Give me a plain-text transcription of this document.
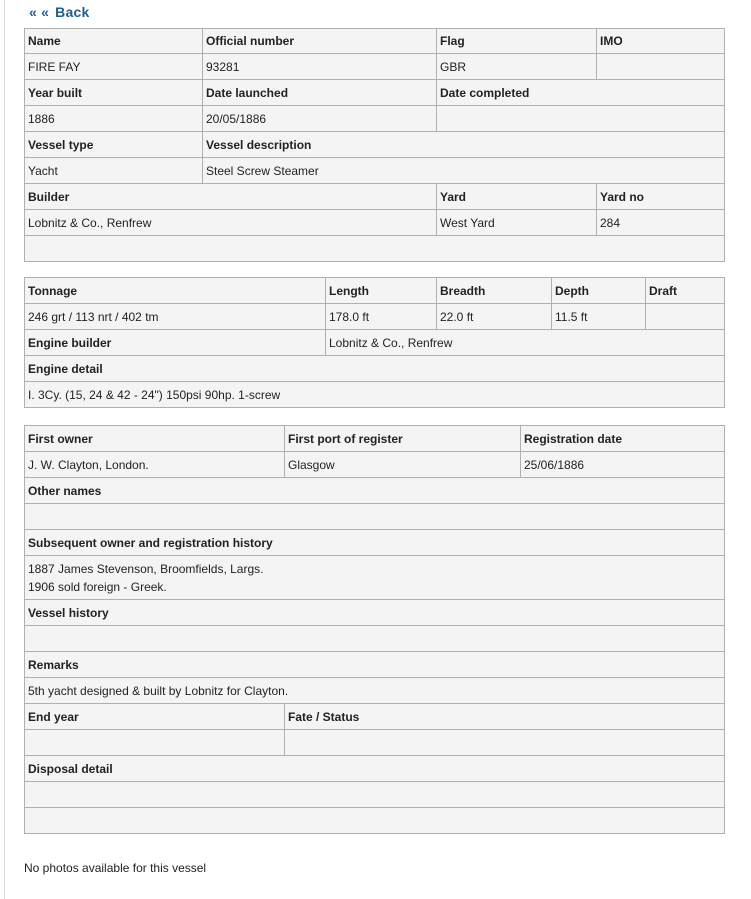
« « Back
Name	Official number	Flag	IMO
FIRE FAY	93281	GBR	
Year built	Date launched	Date completed	
1886	20/05/1886		
Vessel type	Vessel description		
Yacht	Steel Screw Steamer		
Builder		Yard	Yard no
Lobnitz & Co., Renfrew		West Yard	284

Tonnage	Length	Breadth	Depth	Draft
246 grt / 113 nrt / 402 tm	178.0 ft	22.0 ft	11.5 ft	
Engine builder	Lobnitz & Co., Renfrew			
Engine detail				
I. 3Cy. (15, 24 & 42 - 24") 150psi 90hp. 1-screw				
First owner	First port of register	Registration date
J. W. Clayton, London.	Glasgow	25/06/1886
Other names		

Subsequent owner and registration history		

1887 James Stevenson, Broomfields, Largs.
1906 sold foreign - Greek.		

Vessel history		

Remarks		
5th yacht designed & built by Lobnitz for Clayton.		
End year	Fate / Status	

Disposal detail		

No photos available for this vessel
